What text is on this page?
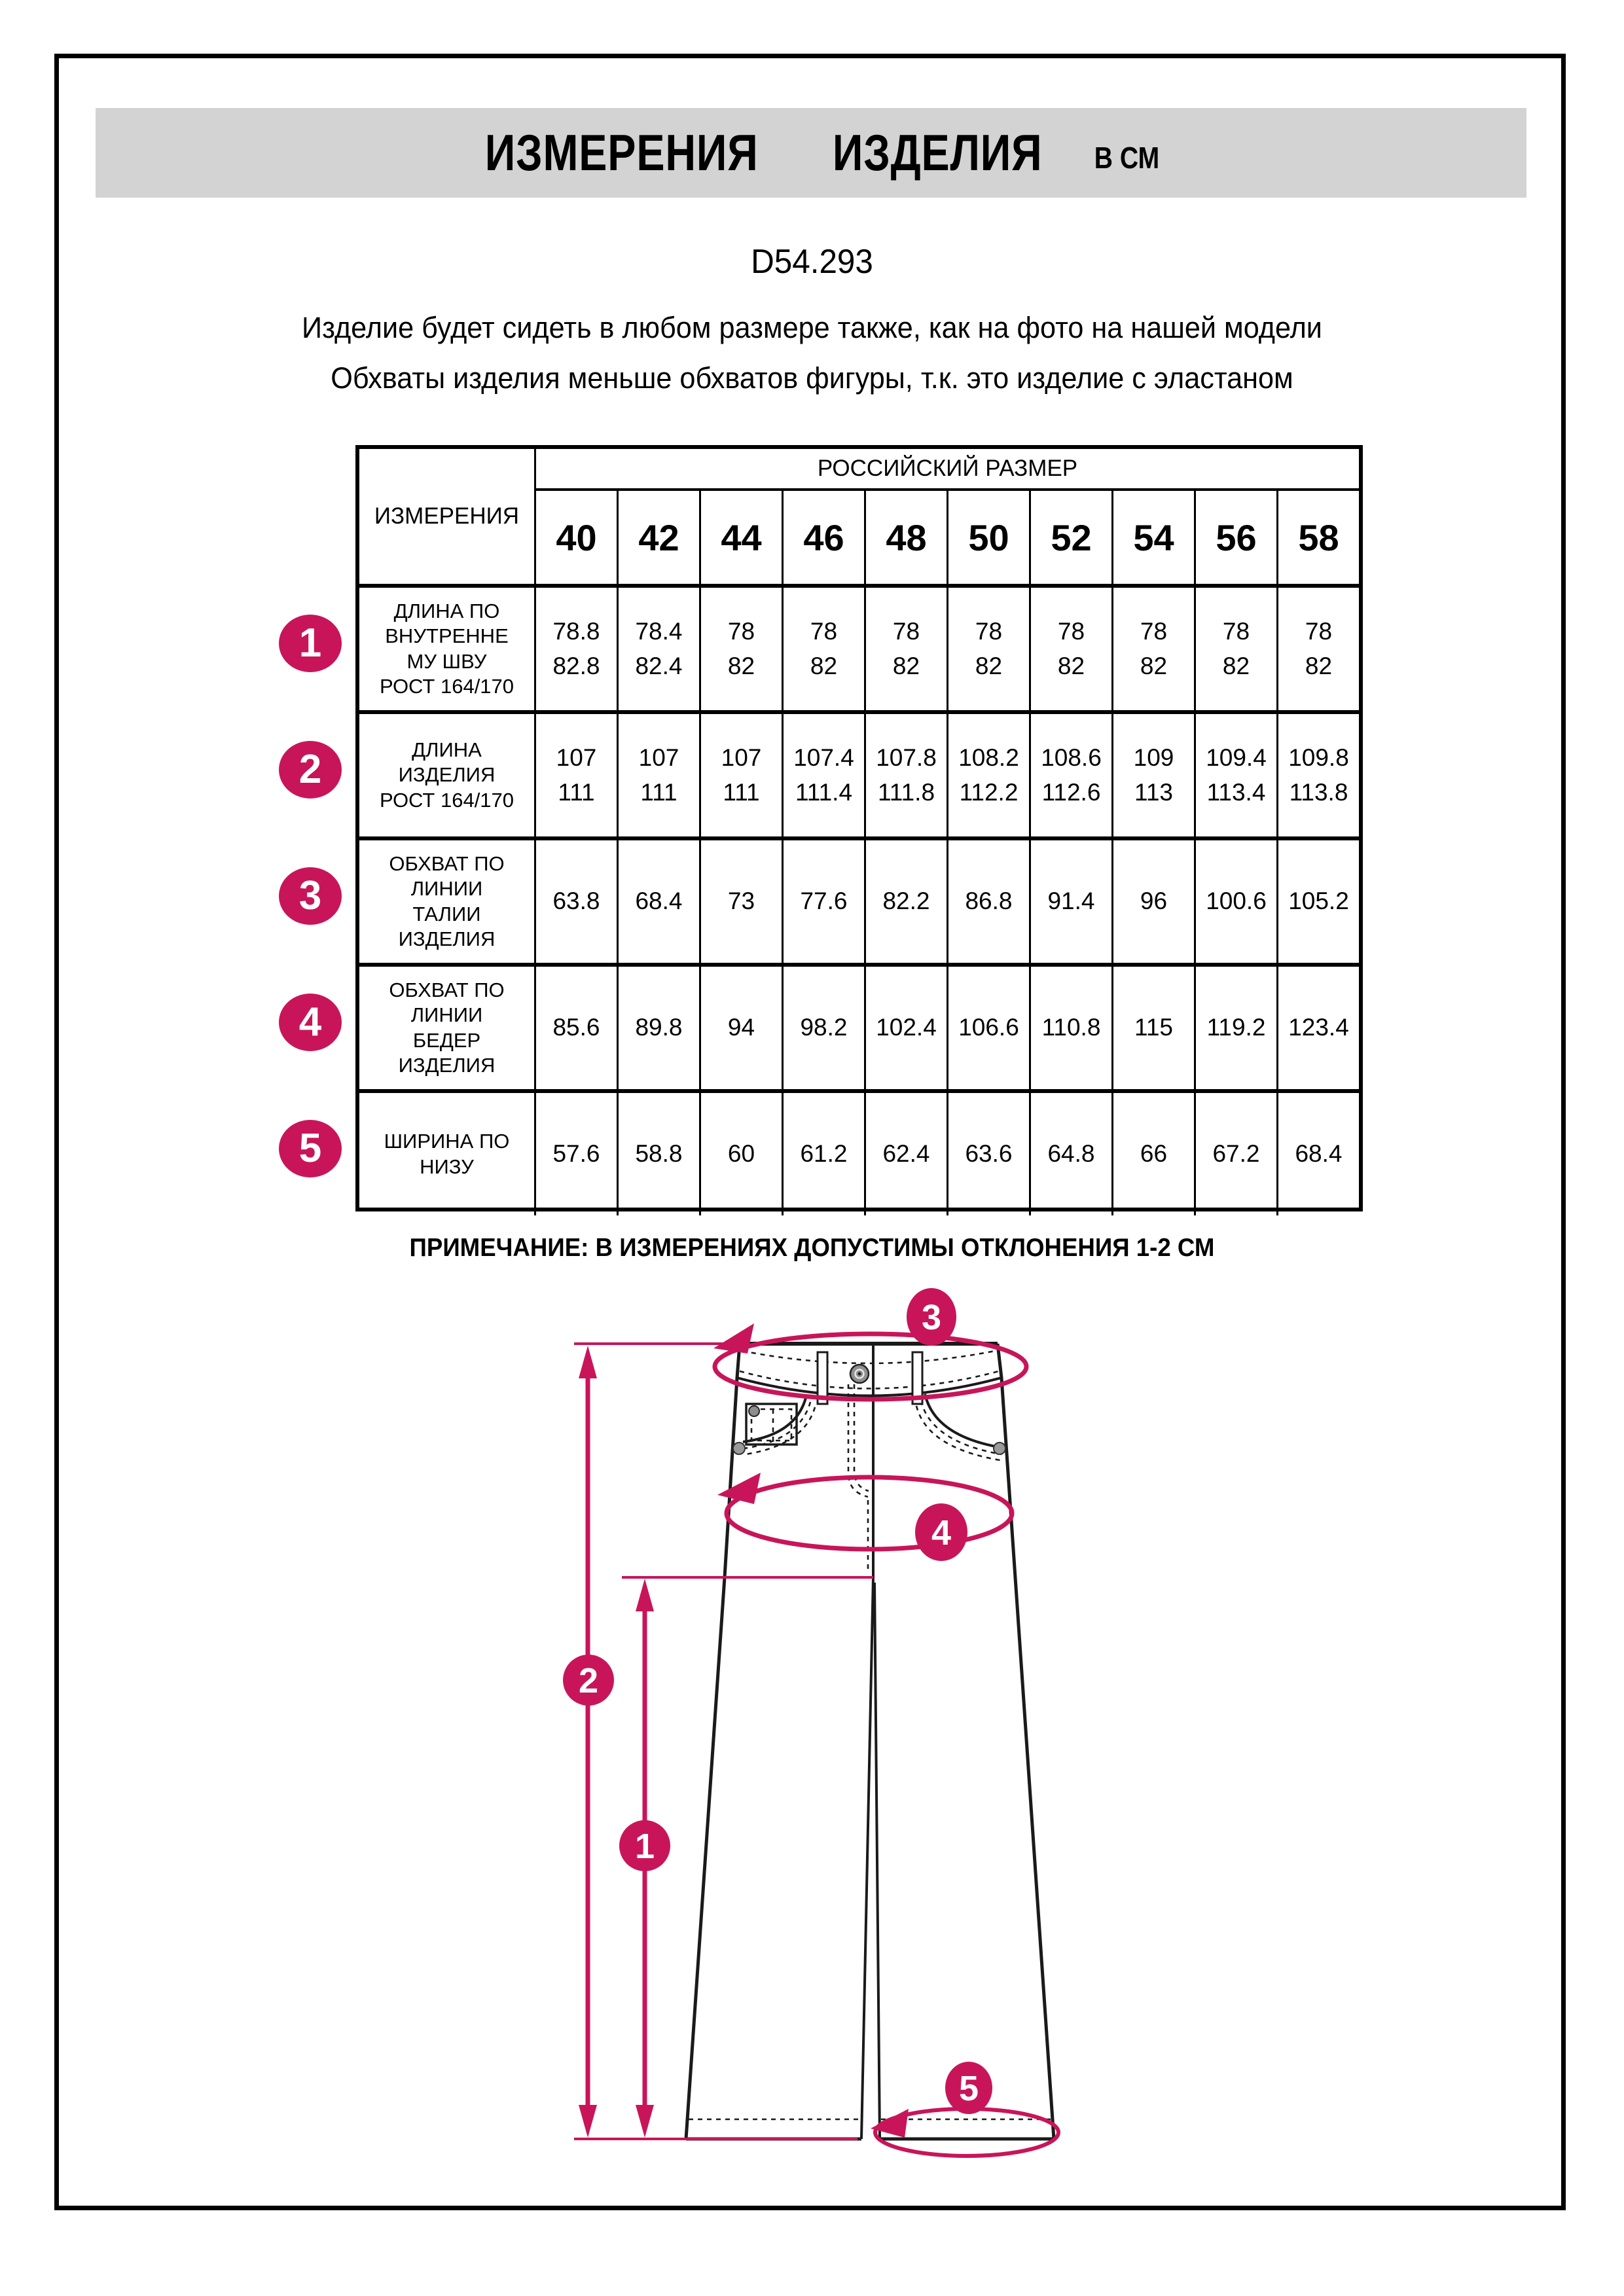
ИЗМЕРЕНИЯ ИЗДЕЛИЯ В СМ
D54.293
Изделие будет сидеть в любом размере также, как на фото на нашей модели
Обхваты изделия меньше обхватов фигуры, т.к. это изделие с эластаном
ИЗМЕРЕНИЯ
РОССИЙСКИЙ РАЗМЕР
40 42 44 46 48 50 52 54 56 58
ДЛИНА ПО
ВНУТРЕННЕ
МУ ШВУ
РОСТ 164/170
78.8
82.8
78.4
82.4
78
82
78
82
78
82
78
82
78
82
78
82
78
82
78
82
ДЛИНА
ИЗДЕЛИЯ
РОСТ 164/170
107
111
107
111
107
111
107.4
111.4
107.8
111.8
108.2
112.2
108.6
112.6
109
113
109.4
113.4
109.8
113.8
ОБХВАТ ПО
ЛИНИИ
ТАЛИИ
ИЗДЕЛИЯ
63.8 68.4 73 77.6 82.2 86.8 91.4 96 100.6 105.2
ОБХВАТ ПО
ЛИНИИ
БЕДЕР
ИЗДЕЛИЯ
85.6 89.8 94 98.2 102.4 106.6 110.8 115 119.2 123.4
ШИРИНА ПО
НИЗУ	57.6 58.8 60 61.2 62.4 63.6 64.8 66 67.2 68.4
1
2
3
4
5
ПРИМЕЧАНИЕ: В ИЗМЕРЕНИЯХ ДОПУСТИМЫ ОТКЛОНЕНИЯ 1-2 СМ
3
4
2
1
5
